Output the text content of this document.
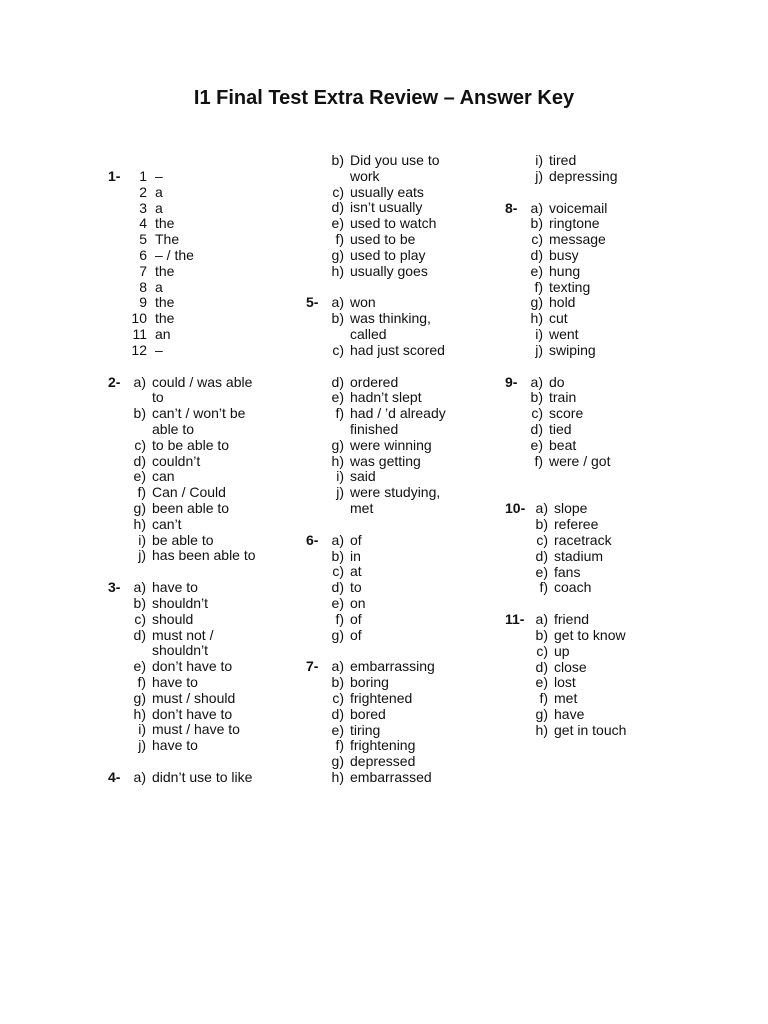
I1 Final Test Extra Review – Answer Key
1-	1 –
2 a
3 a
4 the
5 The
6 – / the
7 the
8 a
9 the
10 the
11 an
12 –
2- a) could / was able
to
b) can’t / won’t be
able to
c) to be able to
d) couldn’t
e) can
f) Can / Could
g) been able to
h) can’t
i) be able to
j) has been able to
3- a) have to
b) shouldn’t
c) should
d) must not /
shouldn’t
e) don’t have to
f) have to
g) must / should
h) don’t have to
i) must / have to
j) have to
4- a) didn’t use to like
b) Did you use to
work
c) usually eats
d) isn’t usually
e) used to watch
f) used to be
g) used to play
h) usually goes
5- a) won
b) was thinking,
called
c) had just scored
d) ordered
e) hadn’t slept
f) had / ’d already
finished
g) were winning
h) was getting
i) said
j) were studying,
met
6- a) of
b) in
c) at
d) to
e) on
f) of
g) of
7- a) embarrassing
b) boring
c) frightened
d) bored
e) tiring
f) frightening
g) depressed
h) embarrassed
i) tired
j) depressing
8- a) voicemail
b) ringtone
c) message
d) busy
e) hung
f) texting
g) hold
h) cut
i) went
j) swiping
9- a) do
b) train
c) score
d) tied
e) beat
f) were / got
10- a) slope
b) referee
c) racetrack
d) stadium
e) fans
f) coach
11- a) friend
b) get to know
c) up
d) close
e) lost
f) met
g) have
h) get in touch
